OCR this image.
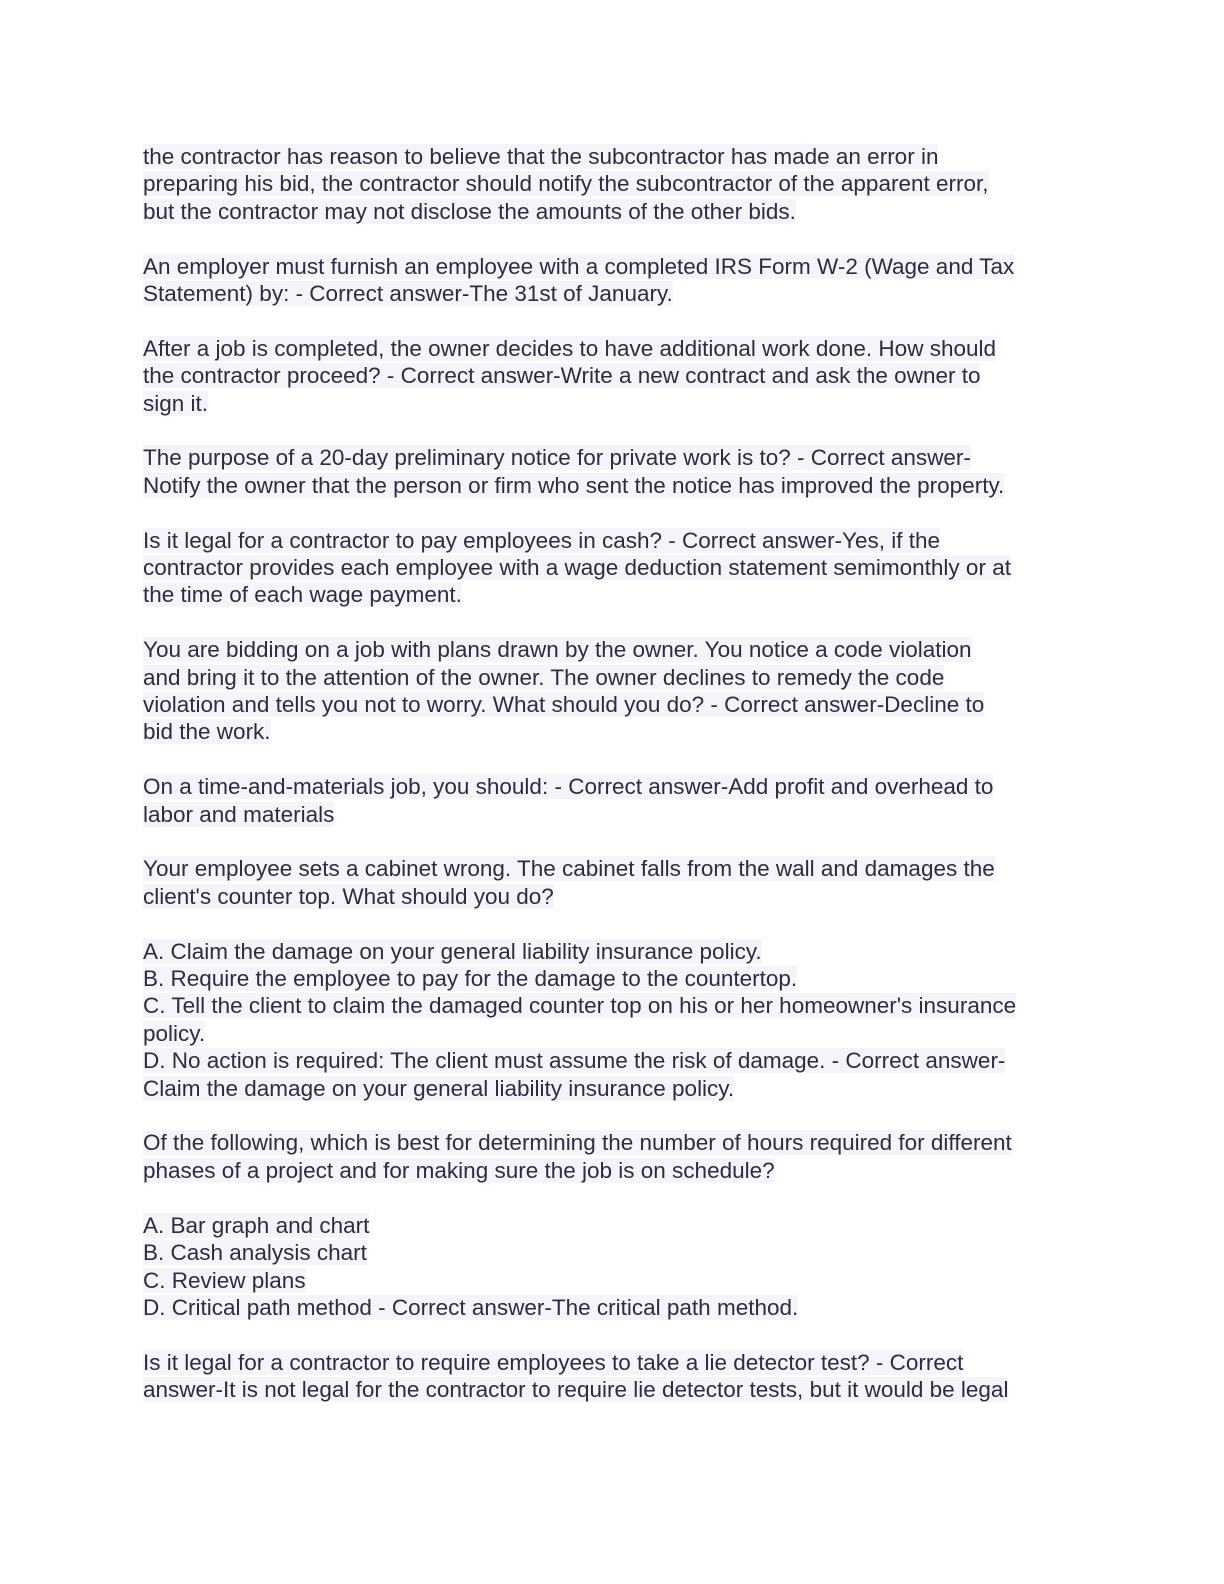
the contractor has reason to believe that the subcontractor has made an error in
preparing his bid, the contractor should notify the subcontractor of the apparent error,
but the contractor may not disclose the amounts of the other bids.
An employer must furnish an employee with a completed IRS Form W-2 (Wage and Tax
Statement) by: - Correct answer-The 31st of January.
After a job is completed, the owner decides to have additional work done. How should
the contractor proceed? - Correct answer-Write a new contract and ask the owner to
sign it.
The purpose of a 20-day preliminary notice for private work is to? - Correct answer-
Notify the owner that the person or firm who sent the notice has improved the property.
Is it legal for a contractor to pay employees in cash? - Correct answer-Yes, if the
contractor provides each employee with a wage deduction statement semimonthly or at
the time of each wage payment.
You are bidding on a job with plans drawn by the owner. You notice a code violation
and bring it to the attention of the owner. The owner declines to remedy the code
violation and tells you not to worry. What should you do? - Correct answer-Decline to
bid the work.
On a time-and-materials job, you should: - Correct answer-Add profit and overhead to
labor and materials
Your employee sets a cabinet wrong. The cabinet falls from the wall and damages the
client's counter top. What should you do?
A. Claim the damage on your general liability insurance policy.
B. Require the employee to pay for the damage to the countertop.
C. Tell the client to claim the damaged counter top on his or her homeowner's insurance
policy.
D. No action is required: The client must assume the risk of damage. - Correct answer-
Claim the damage on your general liability insurance policy.
Of the following, which is best for determining the number of hours required for different
phases of a project and for making sure the job is on schedule?
A. Bar graph and chart
B. Cash analysis chart
C. Review plans
D. Critical path method - Correct answer-The critical path method.
Is it legal for a contractor to require employees to take a lie detector test? - Correct
answer-It is not legal for the contractor to require lie detector tests, but it would be legal
